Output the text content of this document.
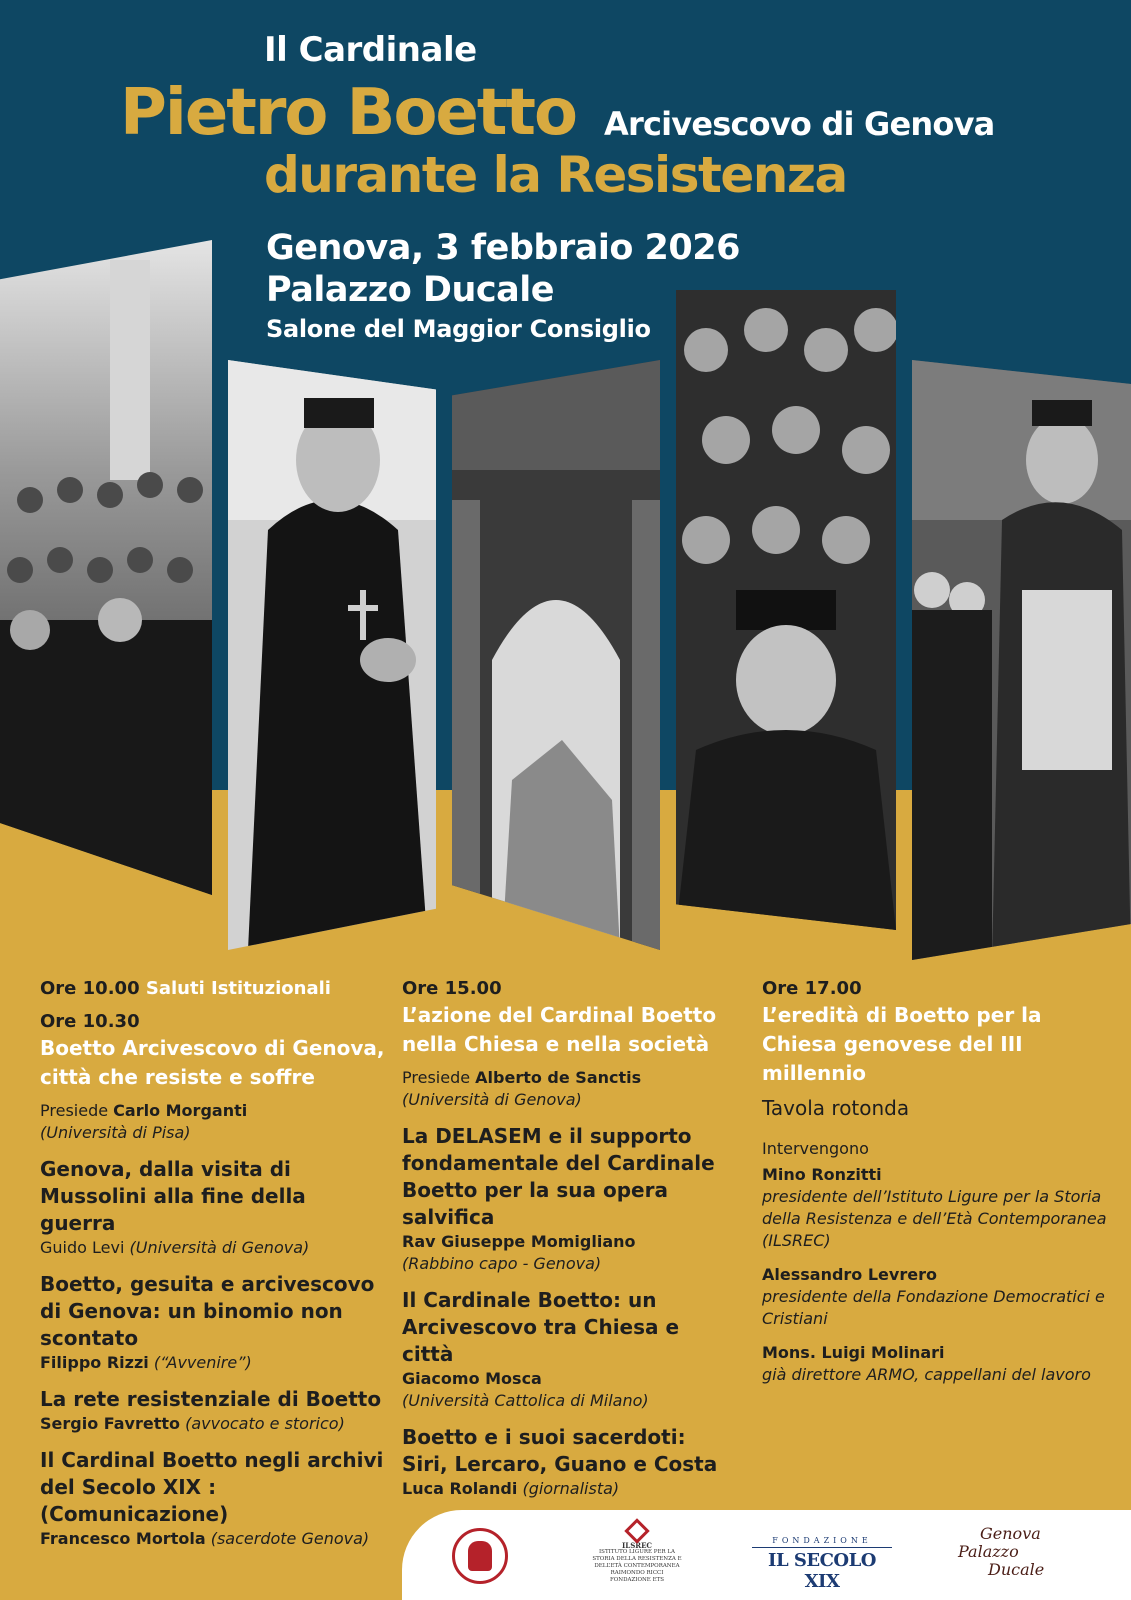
Il Cardinale
Pietro Boetto Arcivescovo di Genova
durante la Resistenza
Genova, 3 febbraio 2026
Palazzo Ducale
Salone del Maggior Consiglio

Ore 10.00 Saluti Istituzionali

Ore 10.30

Boetto Arcivescovo di Genova, città che resiste e soffre

Presiede Carlo Morganti

(Università di Pisa)

Genova, dalla visita di Mussolini alla fine della guerra

Guido Levi (Università di Genova)

Boetto, gesuita e arcivescovo di Genova: un binomio non scontato

Filippo Rizzi (“Avvenire”)

La rete resistenziale di Boetto

Sergio Favretto (avvocato e storico)

Il Cardinal Boetto negli archivi del Secolo XIX : (Comunicazione)

Francesco Mortola (sacerdote Genova)

Ore 15.00

L’azione del Cardinal Boetto nella Chiesa e nella società

Presiede Alberto de Sanctis

(Università di Genova)

La DELASEM e il supporto fondamentale del Cardinale Boetto per la sua opera salvifica

Rav Giuseppe Momigliano

(Rabbino capo - Genova)

Il Cardinale Boetto: un Arcivescovo tra Chiesa e città

Giacomo Mosca

(Università Cattolica di Milano)

Boetto e i suoi sacerdoti: Siri, Lercaro, Guano e Costa

Luca Rolandi (giornalista)

Ore 17.00

L’eredità di Boetto per la Chiesa genovese del III millennio

Tavola rotonda

Intervengono

Mino Ronzitti

presidente dell’Istituto Ligure per la Storia della Resistenza e dell’Età Contemporanea (ILSREC)

Alessandro Levrero

presidente della Fondazione Democratici e Cristiani

Mons. Luigi Molinari

già direttore ARMO, cappellani del lavoro

ILSREC
ISTITUTO LIGURE PER LA STORIA DELLA RESISTENZA E DELL’ETÀ CONTEMPORANEA RAIMONDO RICCI FONDAZIONE ETS
FONDAZIONE
IL SECOLO XIX
Genova
Palazzo
Ducale
